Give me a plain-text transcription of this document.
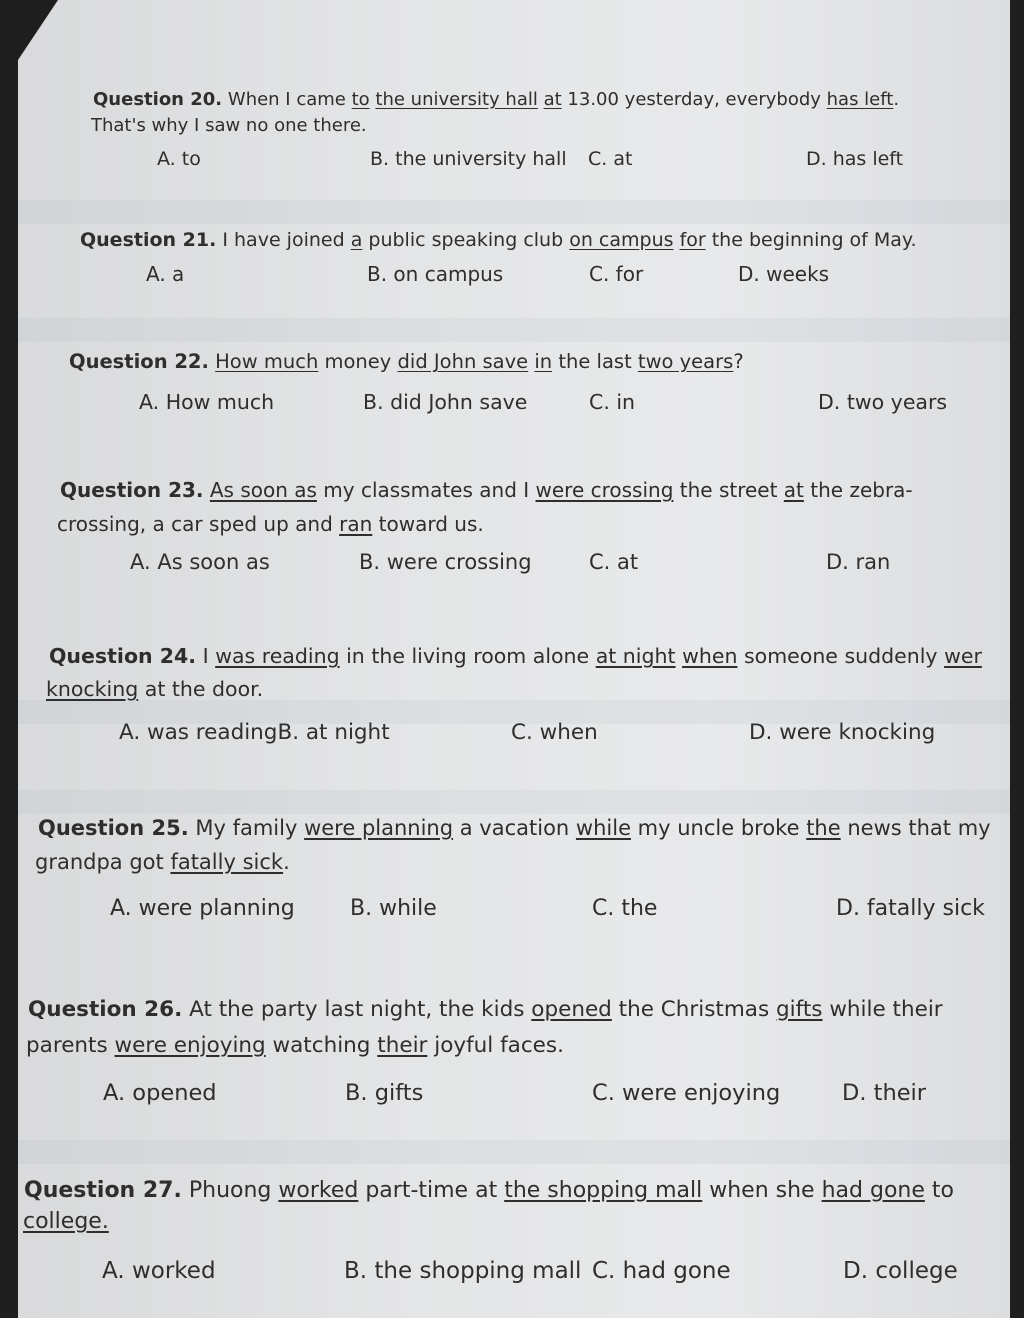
Question 20. When I came to the university hall at 13.00 yesterday, everybody has left.
That's why I saw no one there.
A. to	B. the university hall C. at	D. has left
Question 21. I have joined a public speaking club on campus for the beginning of May.
A. a	B. on campus	C. for	D. weeks
Question 22. How much money did John save in the last two years?
A. How much	B. did John save	C. in	D. two years
Question 23. As soon as my classmates and I were crossing the street at the zebra-
crossing, a car sped up and ran toward us.
A. As soon as	B. were crossing	C. at	D. ran
Question 24. I was reading in the living room alone at night when someone suddenly wer
knocking at the door.
A. was readingB. at night	C. when	D. were knocking
Question 25. My family were planning a vacation while my uncle broke the news that my
grandpa got fatally sick.
A. were planning	B. while	C. the	D. fatally sick
Question 26. At the party last night, the kids opened the Christmas gifts while their
parents were enjoying watching their joyful faces.
A. opened	B. gifts	C. were enjoying	D. their
Question 27. Phuong worked part-time at the shopping mall when she had gone to
college.
A. worked	B. the shopping mall C. had gone	D. college
